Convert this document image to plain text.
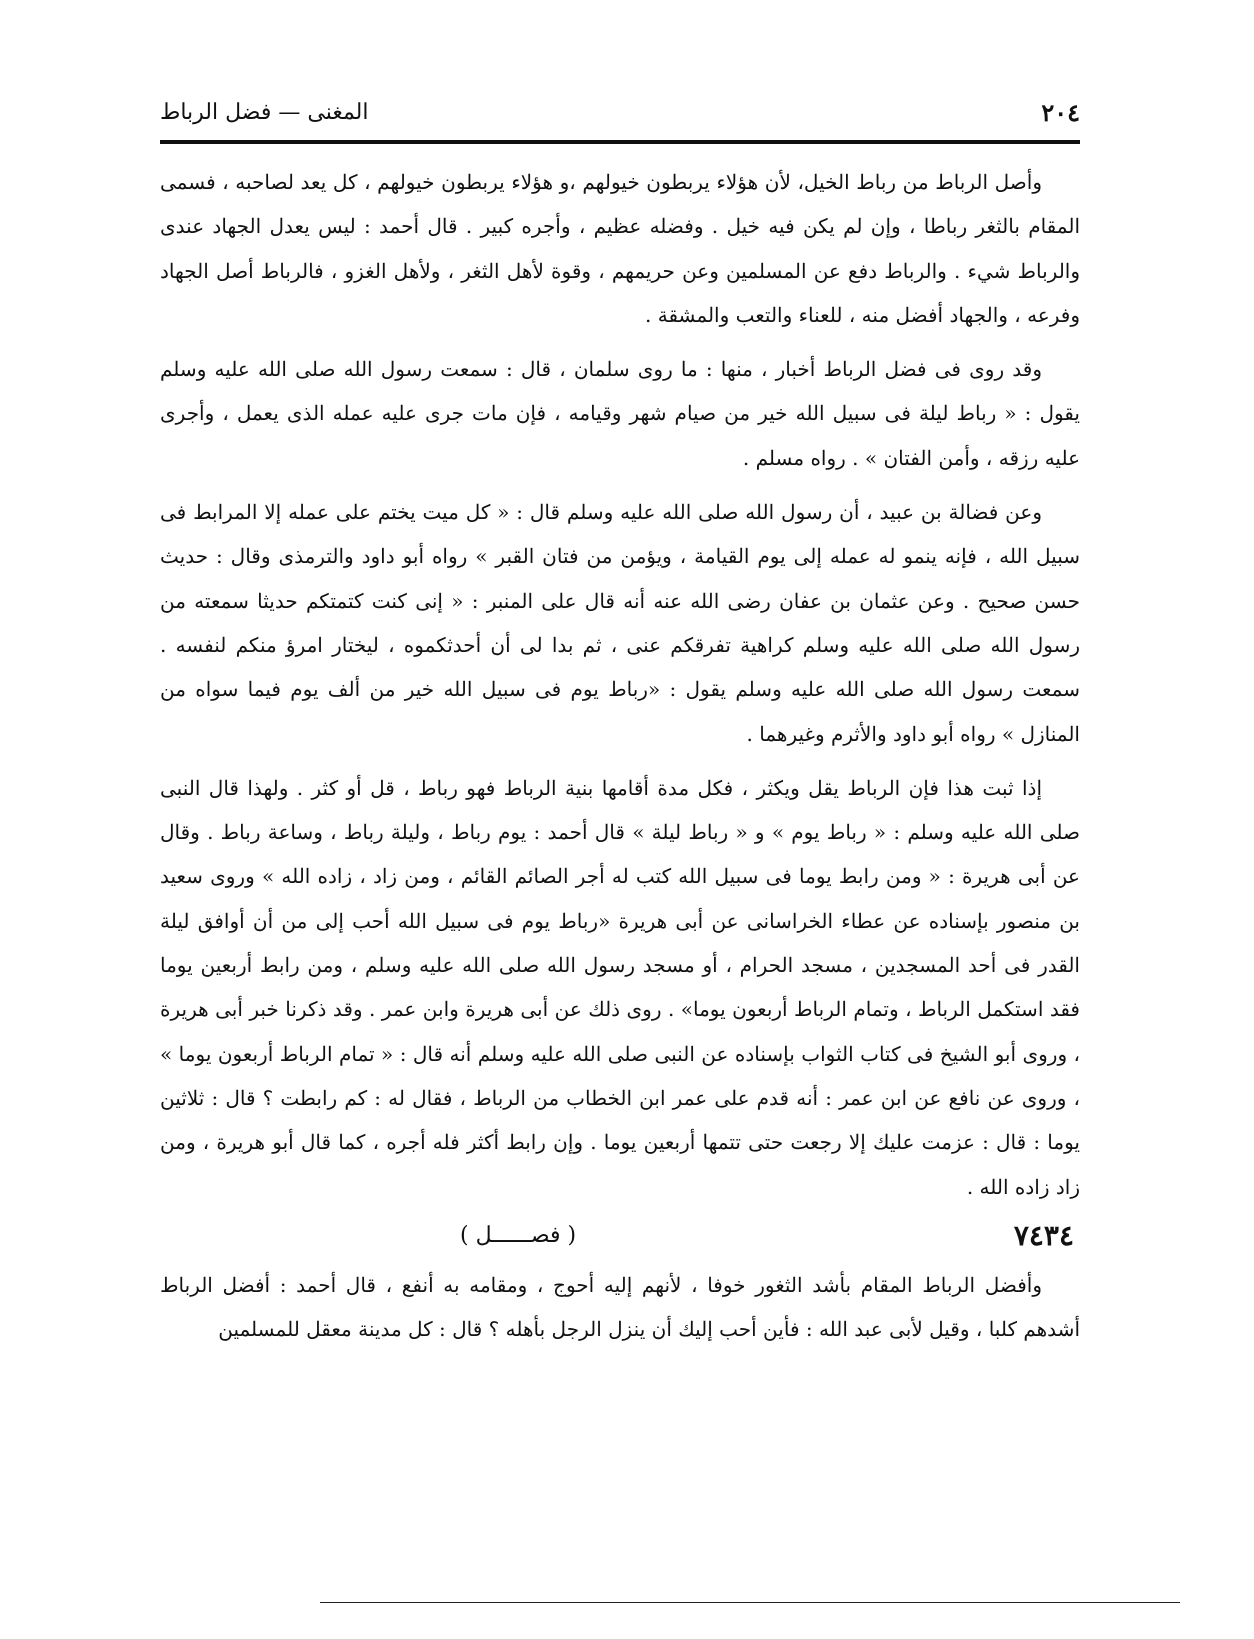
٢٠٤
المغنى — فضل الرباط

وأصل الرباط من رباط الخيل، لأن هؤلاء يربطون خيولهم ،و هؤلاء يربطون خيولهم ، كل يعد لصاحبه ، فسمى المقام بالثغر رباطا ، وإن لم يكن فيه خيل . وفضله عظيم ، وأجره كبير . قال أحمد : ليس يعدل الجهاد عندى والرباط شيء . والرباط دفع عن المسلمين وعن حريمهم ، وقوة لأهل الثغر ، ولأهل الغزو ، فالرباط أصل الجهاد وفرعه ، والجهاد أفضل منه ، للعناء والتعب والمشقة .

وقد روى فى فضل الرباط أخبار ، منها : ما روى سلمان ، قال : سمعت رسول الله صلى الله عليه وسلم يقول : « رباط ليلة فى سبيل الله خير من صيام شهر وقيامه ، فإن مات جرى عليه عمله الذى يعمل ، وأجرى عليه رزقه ، وأمن الفتان » . رواه مسلم .

وعن فضالة بن عبيد ، أن رسول الله صلى الله عليه وسلم قال : « كل ميت يختم على عمله إلا المرابط فى سبيل الله ، فإنه ينمو له عمله إلى يوم القيامة ، ويؤمن من فتان القبر » رواه أبو داود والترمذى وقال : حديث حسن صحيح . وعن عثمان بن عفان رضى الله عنه أنه قال على المنبر : « إنى كنت كتمتكم حديثا سمعته من رسول الله صلى الله عليه وسلم كراهية تفرقكم عنى ، ثم بدا لى أن أحدثكموه ، ليختار امرؤ منكم لنفسه . سمعت رسول الله صلى الله عليه وسلم يقول : «رباط يوم فى سبيل الله خير من ألف يوم فيما سواه من المنازل » رواه أبو داود والأثرم وغيرهما .

إذا ثبت هذا فإن الرباط يقل ويكثر ، فكل مدة أقامها بنية الرباط فهو رباط ، قل أو كثر . ولهذا قال النبى صلى الله عليه وسلم : « رباط يوم » و « رباط ليلة » قال أحمد : يوم رباط ، وليلة رباط ، وساعة رباط . وقال عن أبى هريرة : « ومن رابط يوما فى سبيل الله كتب له أجر الصائم القائم ، ومن زاد ، زاده الله » وروى سعيد بن منصور بإسناده عن عطاء الخراسانى عن أبى هريرة «رباط يوم فى سبيل الله أحب إلى من أن أوافق ليلة القدر فى أحد المسجدين ، مسجد الحرام ، أو مسجد رسول الله صلى الله عليه وسلم ، ومن رابط أربعين يوما فقد استكمل الرباط ، وتمام الرباط أربعون يوما» . روى ذلك عن أبى هريرة وابن عمر . وقد ذكرنا خبر أبى هريرة ، وروى أبو الشيخ فى كتاب الثواب بإسناده عن النبى صلى الله عليه وسلم أنه قال : « تمام الرباط أربعون يوما » ، وروى عن نافع عن ابن عمر : أنه قدم على عمر ابن الخطاب من الرباط ، فقال له : كم رابطت ؟ قال : ثلاثين يوما : قال : عزمت عليك إلا رجعت حتى تتمها أربعين يوما . وإن رابط أكثر فله أجره ، كما قال أبو هريرة ، ومن زاد زاده الله .

٧٤٣٤
( فصــــــل )

وأفضل الرباط المقام بأشد الثغور خوفا ، لأنهم إليه أحوج ، ومقامه به أنفع ، قال أحمد : أفضل الرباط أشدهم كلبا ، وقيل لأبى عبد الله : فأين أحب إليك أن ينزل الرجل بأهله ؟ قال : كل مدينة معقل للمسلمين
